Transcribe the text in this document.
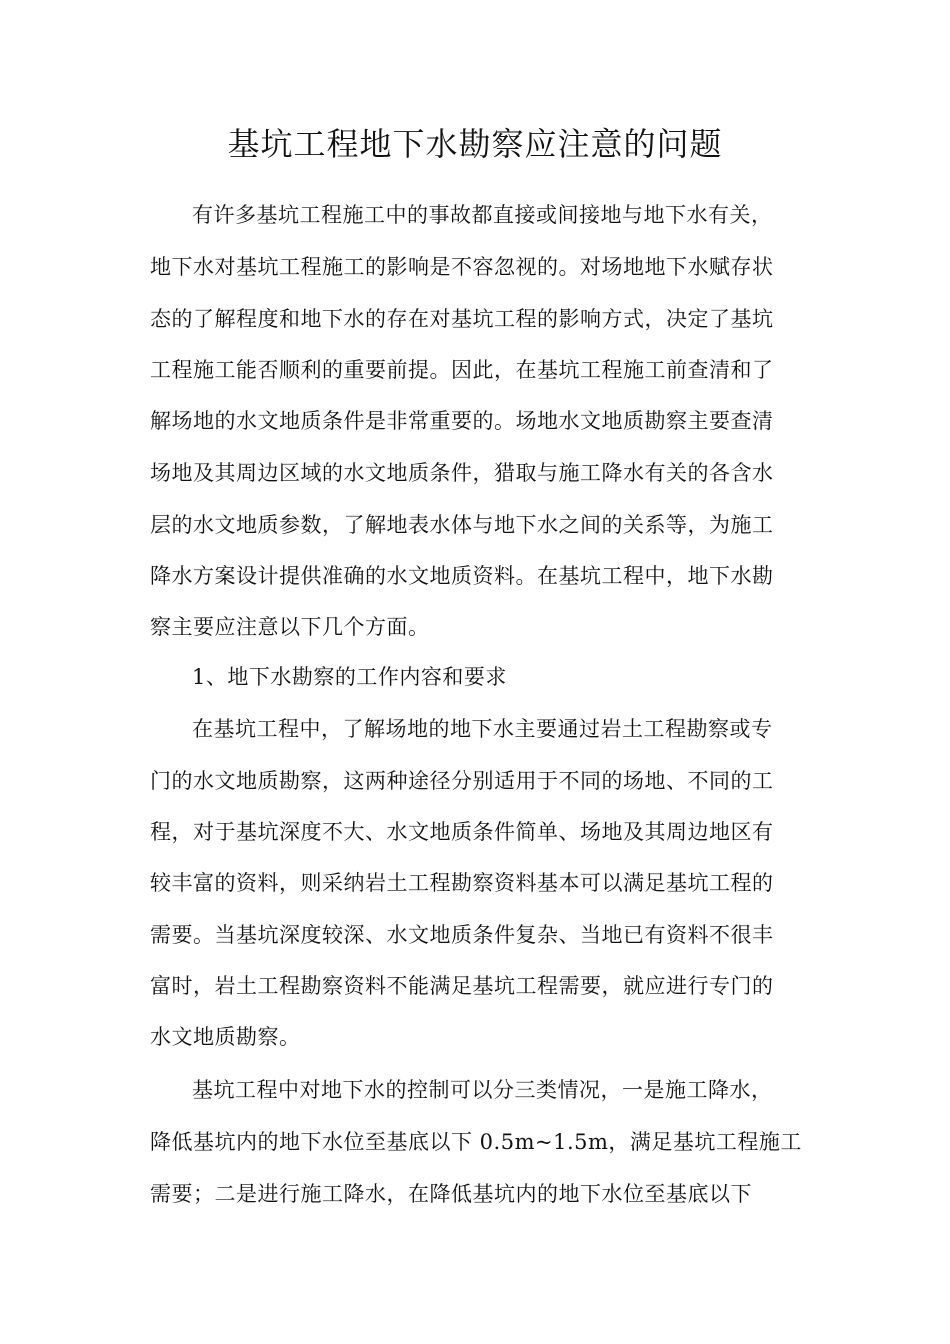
基坑工程地下水勘察应注意的问题
有许多基坑工程施工中的事故都直接或间接地与地下水有关，
地下水对基坑工程施工的影响是不容忽视的。对场地地下水赋存状
态的了解程度和地下水的存在对基坑工程的影响方式，决定了基坑
工程施工能否顺利的重要前提。因此，在基坑工程施工前查清和了
解场地的水文地质条件是非常重要的。场地水文地质勘察主要查清
场地及其周边区域的水文地质条件，猎取与施工降水有关的各含水
层的水文地质参数，了解地表水体与地下水之间的关系等，为施工
降水方案设计提供准确的水文地质资料。在基坑工程中，地下水勘
察主要应注意以下几个方面。
1、地下水勘察的工作内容和要求
在基坑工程中，了解场地的地下水主要通过岩土工程勘察或专
门的水文地质勘察，这两种途径分别适用于不同的场地、不同的工
程，对于基坑深度不大、水文地质条件简单、场地及其周边地区有
较丰富的资料，则采纳岩土工程勘察资料基本可以满足基坑工程的
需要。当基坑深度较深、水文地质条件复杂、当地已有资料不很丰
富时，岩土工程勘察资料不能满足基坑工程需要，就应进行专门的
水文地质勘察。
基坑工程中对地下水的控制可以分三类情况，一是施工降水，
降低基坑内的地下水位至基底以下 0.5m~1.5m，满足基坑工程施工
需要；二是进行施工降水，在降低基坑内的地下水位至基底以下
